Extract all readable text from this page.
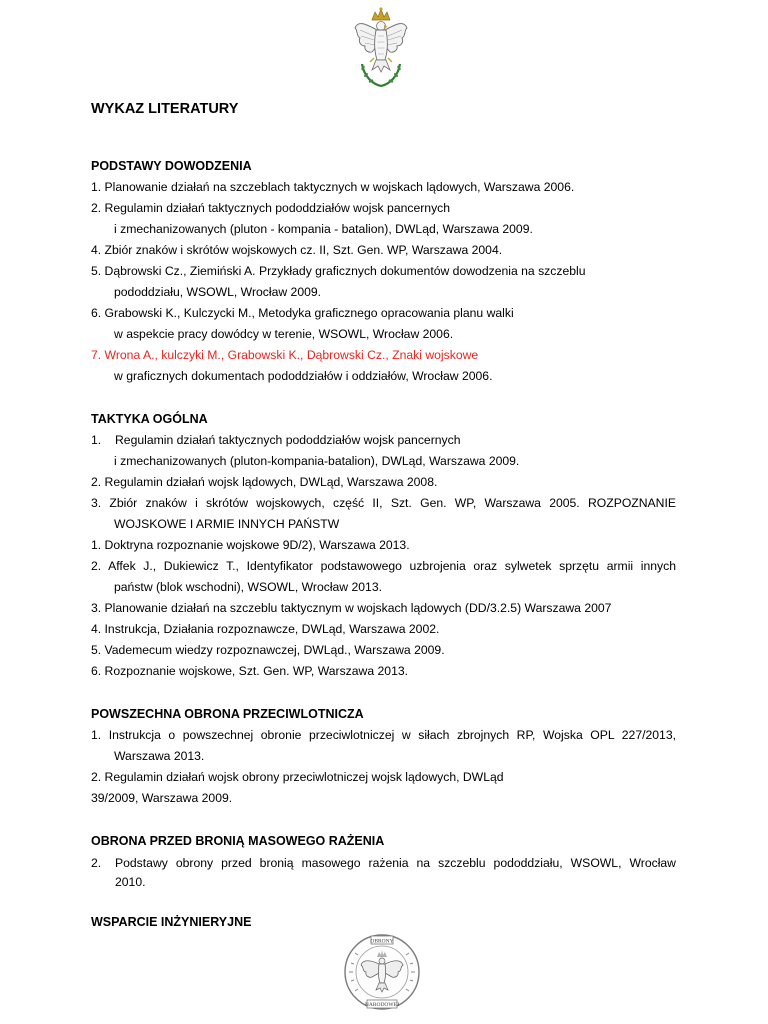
WYKAZ LITERATURY
PODSTAWY DOWODZENIA
1. Planowanie działań na szczeblach taktycznych w wojskach lądowych, Warszawa 2006.
2. Regulamin działań taktycznych pododdziałów wojsk pancernych
i zmechanizowanych (pluton - kompania - batalion), DWLąd, Warszawa 2009.
4. Zbiór znaków i skrótów wojskowych cz. II, Szt. Gen. WP, Warszawa 2004.
5. Dąbrowski Cz., Ziemiński A. Przykłady graficznych dokumentów dowodzenia na szczeblu
pododdziału, WSOWL, Wrocław 2009.
6. Grabowski K., Kulczycki M., Metodyka graficznego opracowania planu walki
w aspekcie pracy dowódcy w terenie, WSOWL, Wrocław 2006.
7. Wrona A., kulczyki M., Grabowski K., Dąbrowski Cz., Znaki wojskowe
w graficznych dokumentach pododdziałów i oddziałów, Wrocław 2006.
TAKTYKA OGÓLNA
1. Regulamin działań taktycznych pododdziałów wojsk pancernych
i zmechanizowanych (pluton-kompania-batalion), DWLąd, Warszawa 2009.
2. Regulamin działań wojsk lądowych, DWLąd, Warszawa 2008.
3. Zbiór znaków i skrótów wojskowych, część II, Szt. Gen. WP, Warszawa 2005. ROZPOZNANIE
WOJSKOWE I ARMIE INNYCH PAŃSTW
1. Doktryna rozpoznanie wojskowe 9D/2), Warszawa 2013.
2. Affek J., Dukiewicz T., Identyfikator podstawowego uzbrojenia oraz sylwetek sprzętu armii innych
państw (blok wschodni), WSOWL, Wrocław 2013.
3. Planowanie działań na szczeblu taktycznym w wojskach lądowych (DD/3.2.5) Warszawa 2007
4. Instrukcja, Działania rozpoznawcze, DWLąd, Warszawa 2002.
5. Vademecum wiedzy rozpoznawczej, DWLąd., Warszawa 2009.
6. Rozpoznanie wojskowe, Szt. Gen. WP, Warszawa 2013.
POWSZECHNA OBRONA PRZECIWLOTNICZA
1. Instrukcja o powszechnej obronie przeciwlotniczej w siłach zbrojnych RP, Wojska OPL 227/2013,
Warszawa 2013.
2. Regulamin działań wojsk obrony przeciwlotniczej wojsk lądowych, DWLąd
39/2009, Warszawa 2009.
OBRONA PRZED BRONIĄ MASOWEGO RAŻENIA
2.	Podstawy obrony przed bronią masowego rażenia na szczeblu pododdziału, WSOWL, Wrocław
2010.
WSPARCIE INŻYNIERYJNE
OBRONY
NARODOWEJ
